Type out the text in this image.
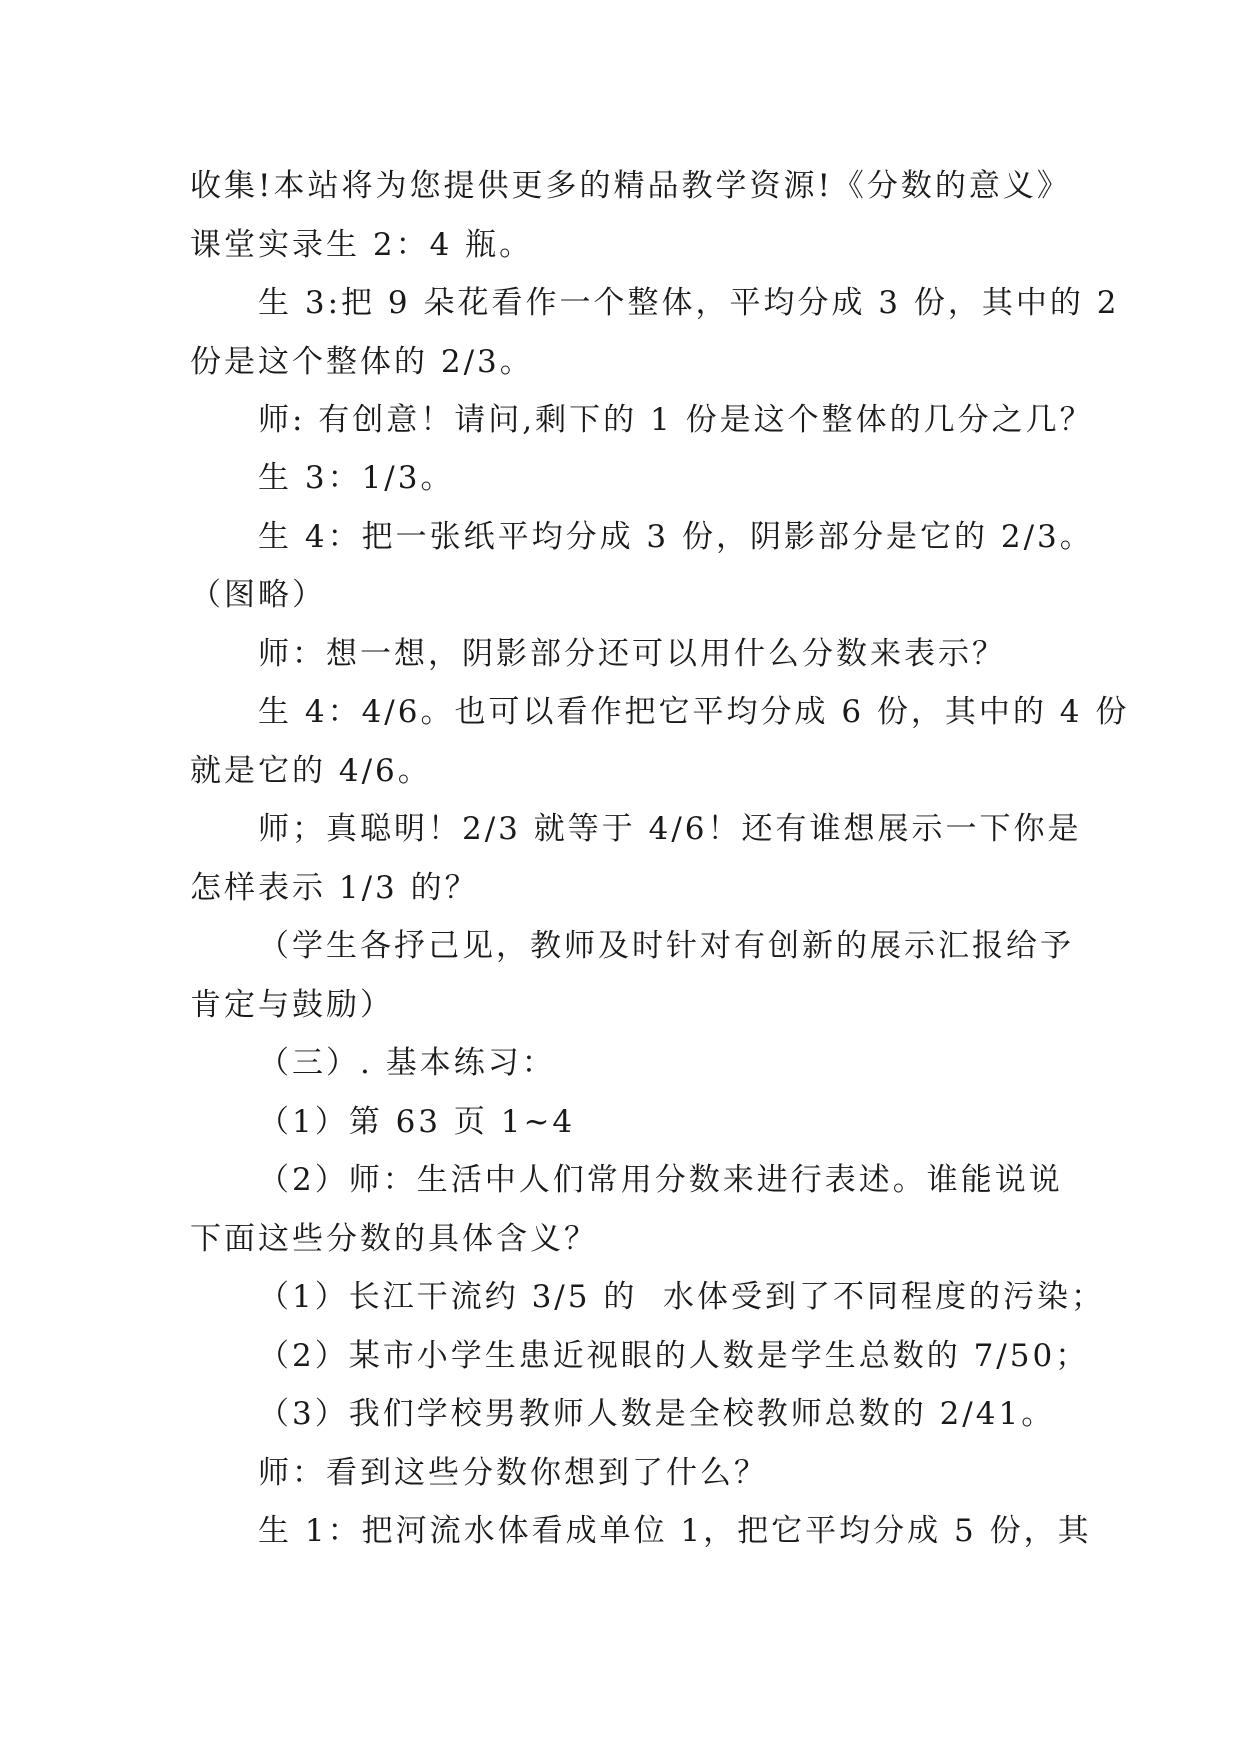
收集!本站将为您提供更多的精品教学资源!《分数的意义》
课堂实录生 2：4 瓶。
生 3:把 9 朵花看作一个整体，平均分成 3 份，其中的 2
份是这个整体的 2/3。
师: 有创意！请问,剩下的 1 份是这个整体的几分之几？
生 3：1/3。
生 4：把一张纸平均分成 3 份，阴影部分是它的 2/3。
（图略）
师：想一想，阴影部分还可以用什么分数来表示？
生 4：4/6。也可以看作把它平均分成 6 份，其中的 4 份
就是它的 4/6。
师；真聪明！2/3 就等于 4/6！还有谁想展示一下你是
怎样表示 1/3 的？
（学生各抒己见，教师及时针对有创新的展示汇报给予
肯定与鼓励）
（三）. 基本练习：
（1）第 63 页 1~4
（2）师：生活中人们常用分数来进行表述。谁能说说
下面这些分数的具体含义？
（1）长江干流约 3/5 的  水体受到了不同程度的污染；
（2）某市小学生患近视眼的人数是学生总数的 7/50；
（3）我们学校男教师人数是全校教师总数的 2/41。
师：看到这些分数你想到了什么？
生 1：把河流水体看成单位 1，把它平均分成 5 份，其
